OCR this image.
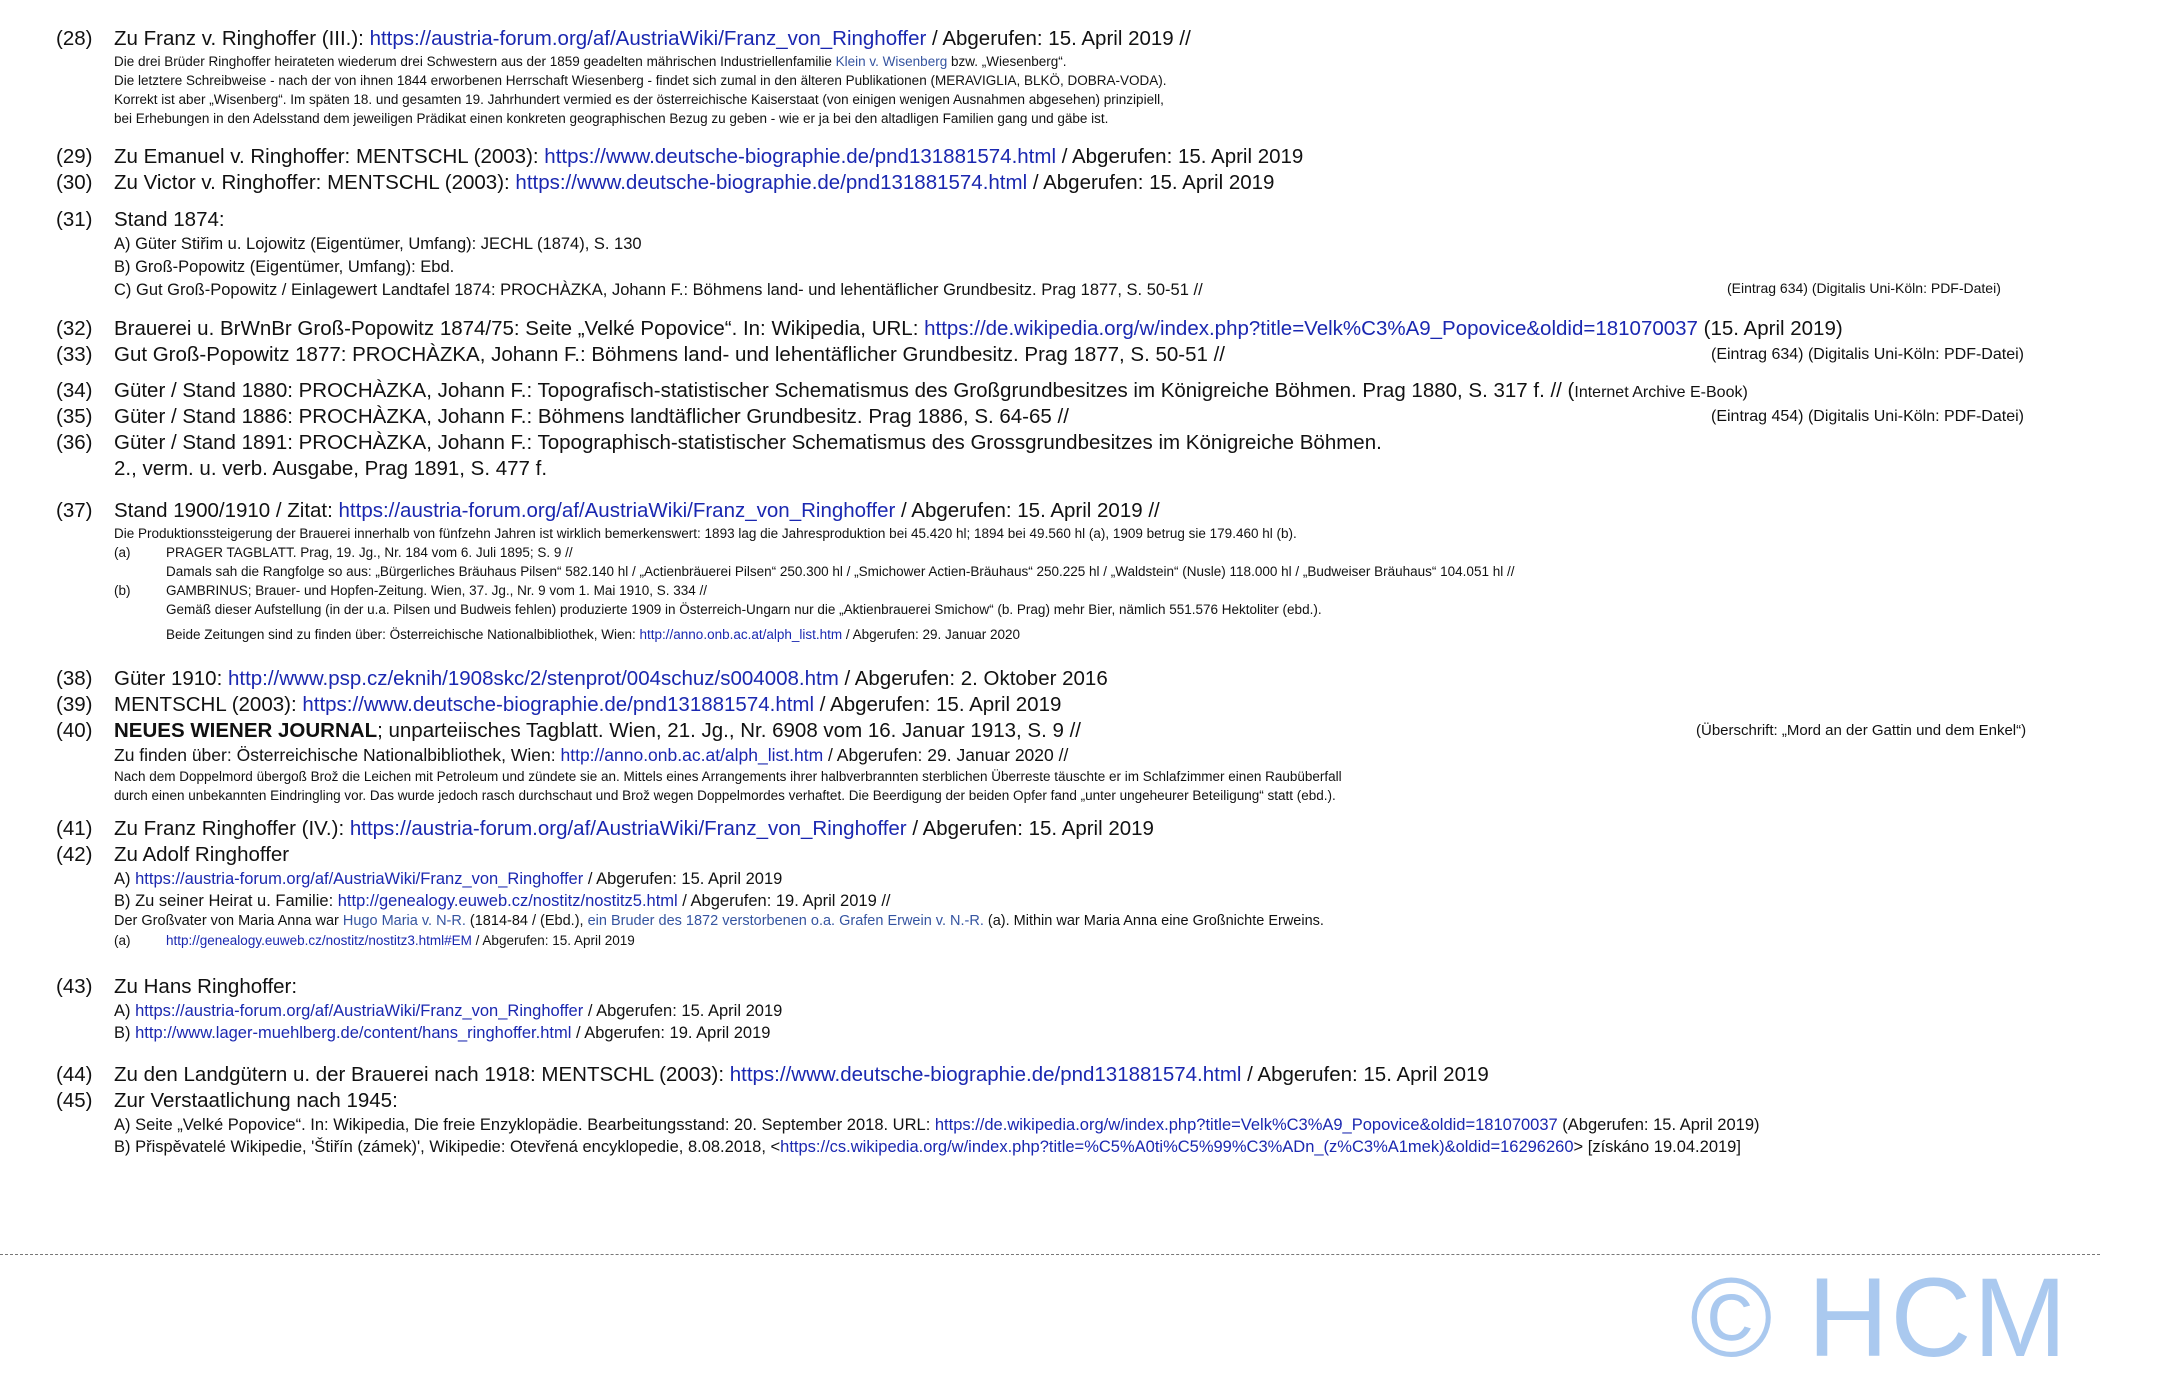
(28) Zu Franz v. Ringhoffer (III.): https://austria-forum.org/af/AustriaWiki/Franz_von_Ringhoffer / Abgerufen: 15. April 2019 //
Die drei Brüder Ringhoffer heirateten wiederum drei Schwestern aus der 1859 geadelten mährischen Industriellenfamilie Klein v. Wisenberg bzw. „Wiesenberg“.
Die letztere Schreibweise - nach der von ihnen 1844 erworbenen Herrschaft Wiesenberg - findet sich zumal in den älteren Publikationen (MERAVIGLIA, BLKÖ, DOBRA-VODA).
Korrekt ist aber „Wisenberg“. Im späten 18. und gesamten 19. Jahrhundert vermied es der österreichische Kaiserstaat (von einigen wenigen Ausnahmen abgesehen) prinzipiell,
bei Erhebungen in den Adelsstand dem jeweiligen Prädikat einen konkreten geographischen Bezug zu geben - wie er ja bei den altadligen Familien gang und gäbe ist.
(29) Zu Emanuel v. Ringhoffer: MENTSCHL (2003): https://www.deutsche-biographie.de/pnd131881574.html / Abgerufen: 15. April 2019
(30) Zu Victor v. Ringhoffer: MENTSCHL (2003): https://www.deutsche-biographie.de/pnd131881574.html / Abgerufen: 15. April 2019
(31) Stand 1874:
A) Güter Stiřim u. Lojowitz (Eigentümer, Umfang): JECHL (1874), S. 130
B) Groß-Popowitz (Eigentümer, Umfang): Ebd.
C) Gut Groß-Popowitz / Einlagewert Landtafel 1874: PROCHÀZKA, Johann F.: Böhmens land- und lehentäflicher Grundbesitz. Prag 1877, S. 50-51 //	(Eintrag 634) (Digitalis Uni-Köln: PDF-Datei)
(32) Brauerei u. BrWnBr Groß-Popowitz 1874/75: Seite „Velké Popovice“. In: Wikipedia, URL: https://de.wikipedia.org/w/index.php?title=Velk%C3%A9_Popovice&oldid=181070037 (15. April 2019)
(33) Gut Groß-Popowitz 1877: PROCHÀZKA, Johann F.: Böhmens land- und lehentäflicher Grundbesitz. Prag 1877, S. 50-51 //	(Eintrag 634) (Digitalis Uni-Köln: PDF-Datei)
(34) Güter / Stand 1880: PROCHÀZKA, Johann F.: Topografisch-statistischer Schematismus des Großgrundbesitzes im Königreiche Böhmen. Prag 1880, S. 317 f. // (Internet Archive E-Book)
(35) Güter / Stand 1886: PROCHÀZKA, Johann F.: Böhmens landtäflicher Grundbesitz. Prag 1886, S. 64-65 //	(Eintrag 454) (Digitalis Uni-Köln: PDF-Datei)
(36) Güter / Stand 1891: PROCHÀZKA, Johann F.: Topographisch-statistischer Schematismus des Grossgrundbesitzes im Königreiche Böhmen.
2., verm. u. verb. Ausgabe, Prag 1891, S. 477 f.
(37) Stand 1900/1910 / Zitat: https://austria-forum.org/af/AustriaWiki/Franz_von_Ringhoffer / Abgerufen: 15. April 2019 //
Die Produktionssteigerung der Brauerei innerhalb von fünfzehn Jahren ist wirklich bemerkenswert: 1893 lag die Jahresproduktion bei 45.420 hl; 1894 bei 49.560 hl (a), 1909 betrug sie 179.460 hl (b).
(a)	PRAGER TAGBLATT. Prag, 19. Jg., Nr. 184 vom 6. Juli 1895; S. 9 //
Damals sah die Rangfolge so aus: „Bürgerliches Bräuhaus Pilsen“ 582.140 hl / „Actienbräuerei Pilsen“ 250.300 hl / „Smichower Actien-Bräuhaus“ 250.225 hl / „Waldstein“ (Nusle) 118.000 hl / „Budweiser Bräuhaus“ 104.051 hl //
(b)	GAMBRINUS; Brauer- und Hopfen-Zeitung. Wien, 37. Jg., Nr. 9 vom 1. Mai 1910, S. 334 //
Gemäß dieser Aufstellung (in der u.a. Pilsen und Budweis fehlen) produzierte 1909 in Österreich-Ungarn nur die „Aktienbrauerei Smichow“ (b. Prag) mehr Bier, nämlich 551.576 Hektoliter (ebd.).
Beide Zeitungen sind zu finden über: Österreichische Nationalbibliothek, Wien: http://anno.onb.ac.at/alph_list.htm / Abgerufen: 29. Januar 2020
(38) Güter 1910: http://www.psp.cz/eknih/1908skc/2/stenprot/004schuz/s004008.htm / Abgerufen: 2. Oktober 2016
(39) MENTSCHL (2003): https://www.deutsche-biographie.de/pnd131881574.html / Abgerufen: 15. April 2019
(40) NEUES WIENER JOURNAL; unparteiisches Tagblatt. Wien, 21. Jg., Nr. 6908 vom 16. Januar 1913, S. 9 //	(Überschrift: „Mord an der Gattin und dem Enkel“)
Zu finden über: Österreichische Nationalbibliothek, Wien: http://anno.onb.ac.at/alph_list.htm / Abgerufen: 29. Januar 2020 //
Nach dem Doppelmord übergoß Brož die Leichen mit Petroleum und zündete sie an. Mittels eines Arrangements ihrer halbverbrannten sterblichen Überreste täuschte er im Schlafzimmer einen Raubüberfall
durch einen unbekannten Eindringling vor. Das wurde jedoch rasch durchschaut und Brož wegen Doppelmordes verhaftet. Die Beerdigung der beiden Opfer fand „unter ungeheurer Beteiligung“ statt (ebd.).
(41) Zu Franz Ringhoffer (IV.): https://austria-forum.org/af/AustriaWiki/Franz_von_Ringhoffer / Abgerufen: 15. April 2019
(42) Zu Adolf Ringhoffer
A) https://austria-forum.org/af/AustriaWiki/Franz_von_Ringhoffer / Abgerufen: 15. April 2019
B) Zu seiner Heirat u. Familie: http://genealogy.euweb.cz/nostitz/nostitz5.html / Abgerufen: 19. April 2019 //
Der Großvater von Maria Anna war Hugo Maria v. N-R. (1814-84 / (Ebd.), ein Bruder des 1872 verstorbenen o.a. Grafen Erwein v. N.-R. (a). Mithin war Maria Anna eine Großnichte Erweins.
(a)	http://genealogy.euweb.cz/nostitz/nostitz3.html#EM / Abgerufen: 15. April 2019
(43) Zu Hans Ringhoffer:
A) https://austria-forum.org/af/AustriaWiki/Franz_von_Ringhoffer / Abgerufen: 15. April 2019
B) http://www.lager-muehlberg.de/content/hans_ringhoffer.html / Abgerufen: 19. April 2019
(44) Zu den Landgütern u. der Brauerei nach 1918: MENTSCHL (2003): https://www.deutsche-biographie.de/pnd131881574.html / Abgerufen: 15. April 2019
(45) Zur Verstaatlichung nach 1945:
A) Seite „Velké Popovice“. In: Wikipedia, Die freie Enzyklopädie. Bearbeitungsstand: 20. September 2018. URL: https://de.wikipedia.org/w/index.php?title=Velk%C3%A9_Popovice&oldid=181070037 (Abgerufen: 15. April 2019)
B) Přispěvatelé Wikipedie, 'Štiřín (zámek)', Wikipedie: Otevřená encyklopedie, 8.08.2018, <https://cs.wikipedia.org/w/index.php?title=%C5%A0ti%C5%99%C3%ADn_(z%C3%A1mek)&oldid=16296260> [získáno 19.04.2019]
© HCM
